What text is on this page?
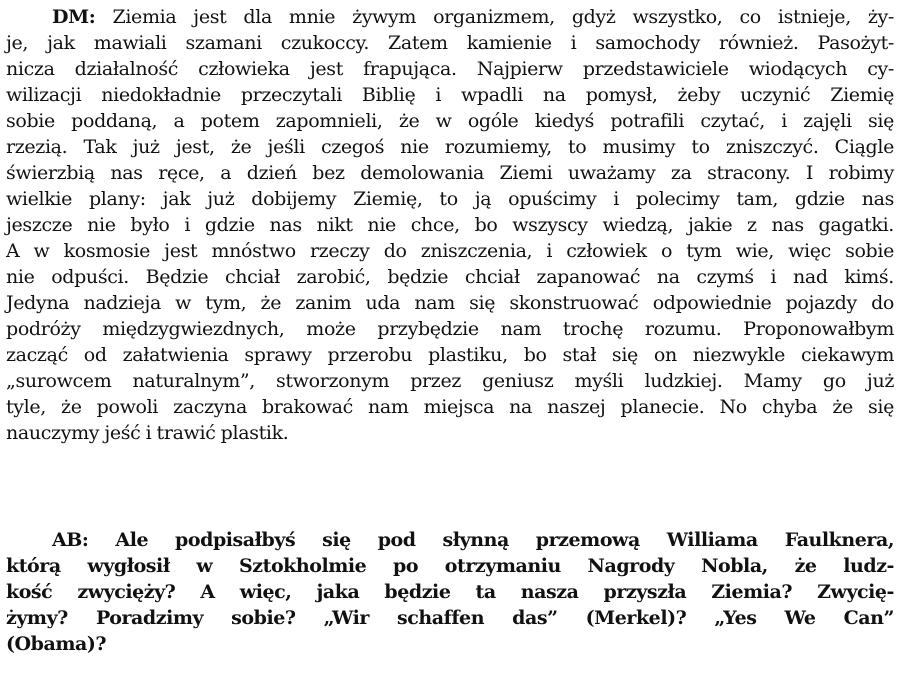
DM: Ziemia jest dla mnie żywym organizmem, gdyż wszystko, co istnieje, ży-
je, jak mawiali szamani czukoccy. Zatem kamienie i samochody również. Pasożyt-
nicza działalność człowieka jest frapująca. Najpierw przedstawiciele wiodących cy-
wilizacji niedokładnie przeczytali Biblię i wpadli na pomysł, żeby uczynić Ziemię
sobie poddaną, a potem zapomnieli, że w ogóle kiedyś potrafili czytać, i zajęli się
rzezią. Tak już jest, że jeśli czegoś nie rozumiemy, to musimy to zniszczyć. Ciągle
świerzbią nas ręce, a dzień bez demolowania Ziemi uważamy za stracony. I robimy
wielkie plany: jak już dobijemy Ziemię, to ją opuścimy i polecimy tam, gdzie nas
jeszcze nie było i gdzie nas nikt nie chce, bo wszyscy wiedzą, jakie z nas gagatki.
A w kosmosie jest mnóstwo rzeczy do zniszczenia, i człowiek o tym wie, więc sobie
nie odpuści. Będzie chciał zarobić, będzie chciał zapanować na czymś i nad kimś.
Jedyna nadzieja w tym, że zanim uda nam się skonstruować odpowiednie pojazdy do
podróży międzygwiezdnych, może przybędzie nam trochę rozumu. Proponowałbym
zacząć od załatwienia sprawy przerobu plastiku, bo stał się on niezwykle ciekawym
„surowcem naturalnym”, stworzonym przez geniusz myśli ludzkiej. Mamy go już
tyle, że powoli zaczyna brakować nam miejsca na naszej planecie. No chyba że się
nauczymy jeść i trawić plastik.
AB: Ale podpisałbyś się pod słynną przemową Williama Faulknera,
którą wygłosił w Sztokholmie po otrzymaniu Nagrody Nobla, że ludz-
kość zwycięży? A więc, jaka będzie ta nasza przyszła Ziemia? Zwycię-
żymy? Poradzimy sobie? „Wir schaffen das” (Merkel)? „Yes We Can”
(Obama)?
